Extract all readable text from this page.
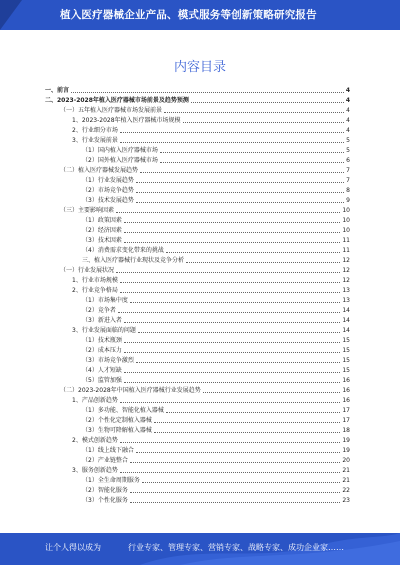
植入医疗器械企业产品、模式服务等创新策略研究报告
内容目录
一、前言	4
二、2023-2028年植入医疗器械市场前景及趋势预测	4
（一）五年植入医疗器械市场发展前景	4
1、2023-2028年植入医疗器械市场规模	4
2、行业细分市场	4
3、行业发展前景	5
（1）国内植入医疗器械市场	5
（2）国外植入医疗器械市场	6
（二）植入医疗器械发展趋势	7
（1）行业发展趋势	7
（2）市场竞争趋势	8
（3）技术发展趋势	9
（三）主要影响因素	10
（1）政策因素	10
（2）经济因素	10
（3）技术因素	11
（4）消费需求变化带来的挑战	11
三、植入医疗器械行业现状及竞争分析	12
（一）行业发展状况	12
1、行业市场规模	12
2、行业竞争格局	13
（1）市场集中度	13
（2）竞争者	14
（3）新进入者	14
3、行业发展面临的问题	14
（1）技术瓶颈	15
（2）成本压力	15
（3）市场竞争激烈	15
（4）人才短缺	15
（5）监管加强	16
（二）2023-2028年中国植入医疗器械行业发展趋势	16
1、产品创新趋势	16
（1）多功能、智能化植入器械	17
（2）个性化定制植入器械	17
（3）生物可降解植入器械	18
2、模式创新趋势	19
（1）线上线下融合	19
（2）产业链整合	20
3、服务创新趋势	21
（1）全生命周期服务	21
（2）智能化服务	22
（3）个性化服务	23
让个人得以成为	行业专家、管理专家、营销专家、战略专家、成功企业家……
